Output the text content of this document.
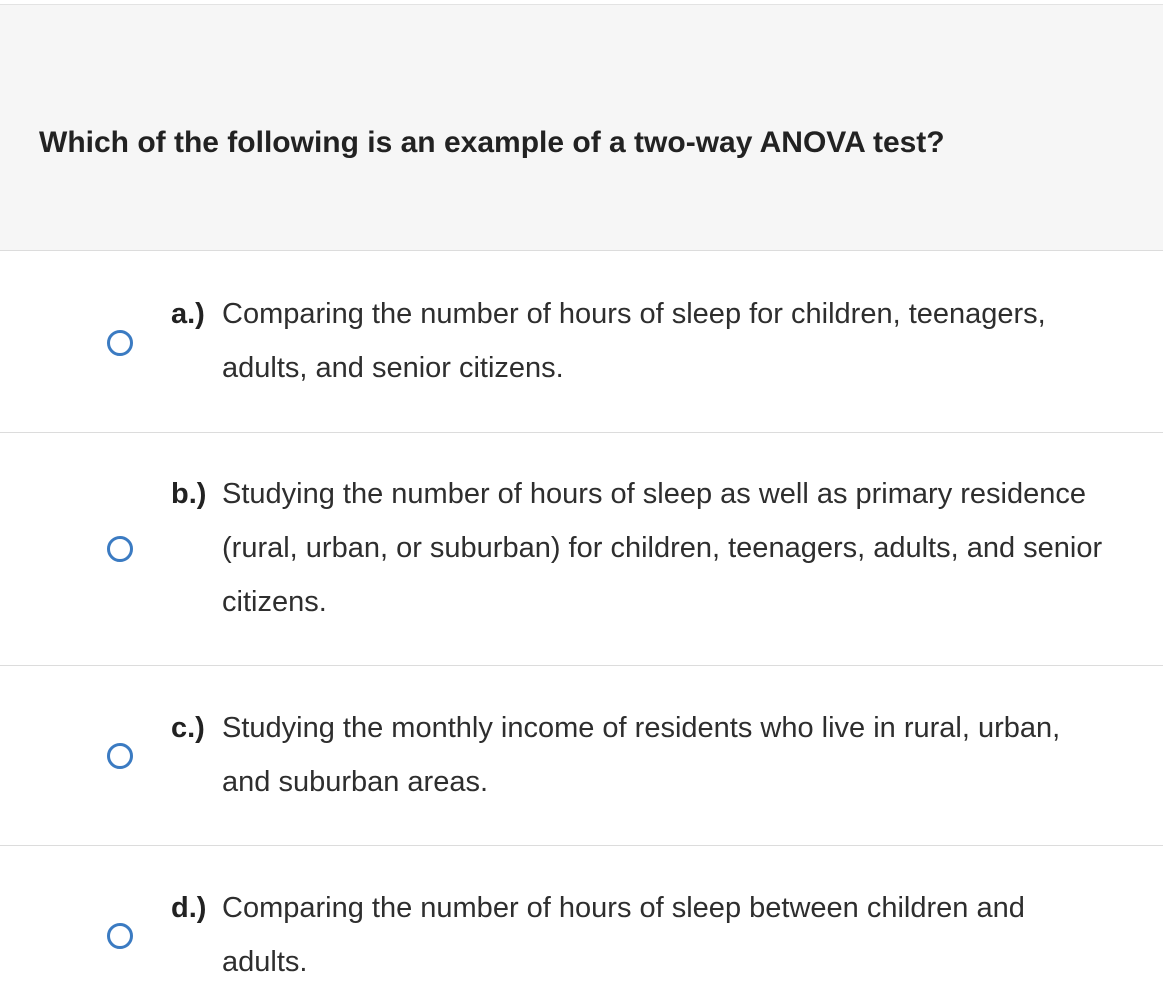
Which of the following is an example of a two-way ANOVA test?
a.) Comparing the number of hours of sleep for children, teenagers, adults, and senior citizens.
b.) Studying the number of hours of sleep as well as primary residence (rural, urban, or suburban) for children, teenagers, adults, and senior citizens.
c.) Studying the monthly income of residents who live in rural, urban, and suburban areas.
d.) Comparing the number of hours of sleep between children and adults.
